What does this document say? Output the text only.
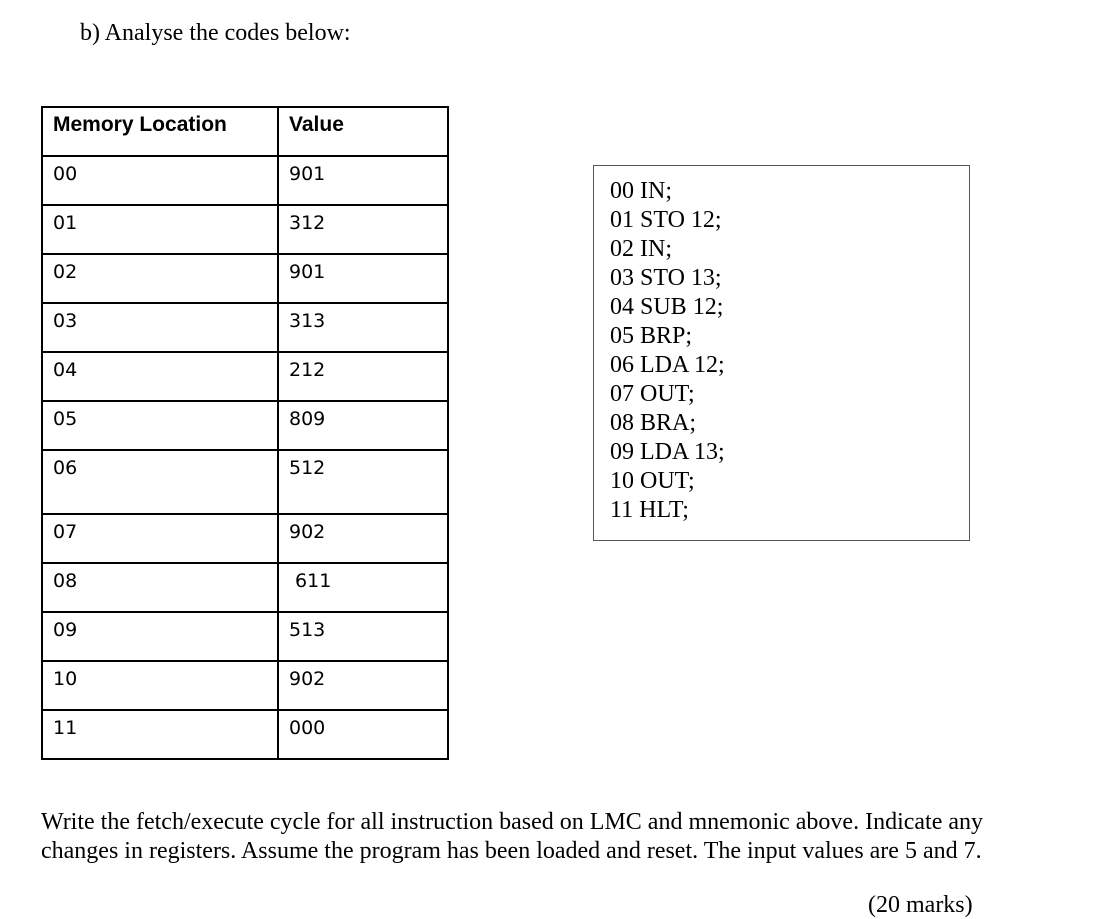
b) Analyse the codes below:
Memory Location	Value
00	901
01	312
02	901
03	313
04	212
05	809
06	512
07	902
08	611
09	513
10	902
11	000
00 IN;
01 STO 12;
02 IN;
03 STO 13;
04 SUB 12;
05 BRP;
06 LDA 12;
07 OUT;
08 BRA;
09 LDA 13;
10 OUT;
11 HLT;

Write the fetch/execute cycle for all instruction based on LMC and mnemonic above. Indicate any changes in registers. Assume the program has been loaded and reset. The input values are 5 and 7.

(20 marks)
